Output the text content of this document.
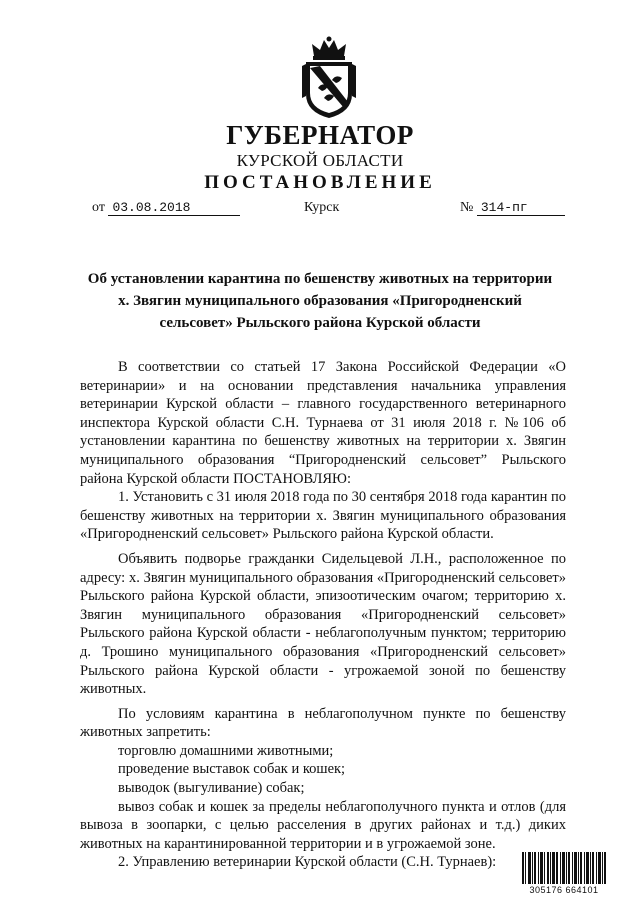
ГУБЕРНАТОР
КУРСКОЙ ОБЛАСТИ
ПОСТАНОВЛЕНИЕ
от 03.08.2018	Курск	№ 314-пг
Об установлении карантина по бешенству животных на территории
х. Звягин муниципального образования «Пригородненский
сельсовет» Рыльского района Курской области

В соответствии со статьей 17 Закона Российской Федерации «О ветеринарии» и на основании представления начальника управления ветеринарии Курской области – главного государственного ветеринарного инспектора Курской области С.Н. Турнаева от 31 июля 2018 г. №106 об установлении карантина по бешенству животных на территории х. Звягин муниципального образования “Пригородненский сельсовет” Рыльского района Курской области ПОСТАНОВЛЯЮ:

1. Установить с 31 июля 2018 года по 30 сентября 2018 года карантин по бешенству животных на территории х. Звягин муниципального образования «Пригородненский сельсовет» Рыльского района Курской области.

Объявить подворье гражданки Сидельцевой Л.Н., расположенное по адресу: х. Звягин муниципального образования «Пригородненский сельсовет» Рыльского района Курской области, эпизоотическим очагом; территорию х. Звягин муниципального образования «Пригородненский сельсовет» Рыльского района Курской области - неблагополучным пунктом; территорию д. Трошино муниципального образования «Пригородненский сельсовет» Рыльского района Курской области - угрожаемой зоной по бешенству животных.

По условиям карантина в неблагополучном пункте по бешенству животных запретить:

торговлю домашними животными;

проведение выставок собак и кошек;

выводок (выгуливание) собак;

вывоз собак и кошек за пределы неблагополучного пункта и отлов (для вывоза в зоопарки, с целью расселения в других районах и т.д.) диких животных на карантинированной территории и в угрожаемой зоне.

2. Управлению ветеринарии Курской области (С.Н. Турнаев):

305176 664101
